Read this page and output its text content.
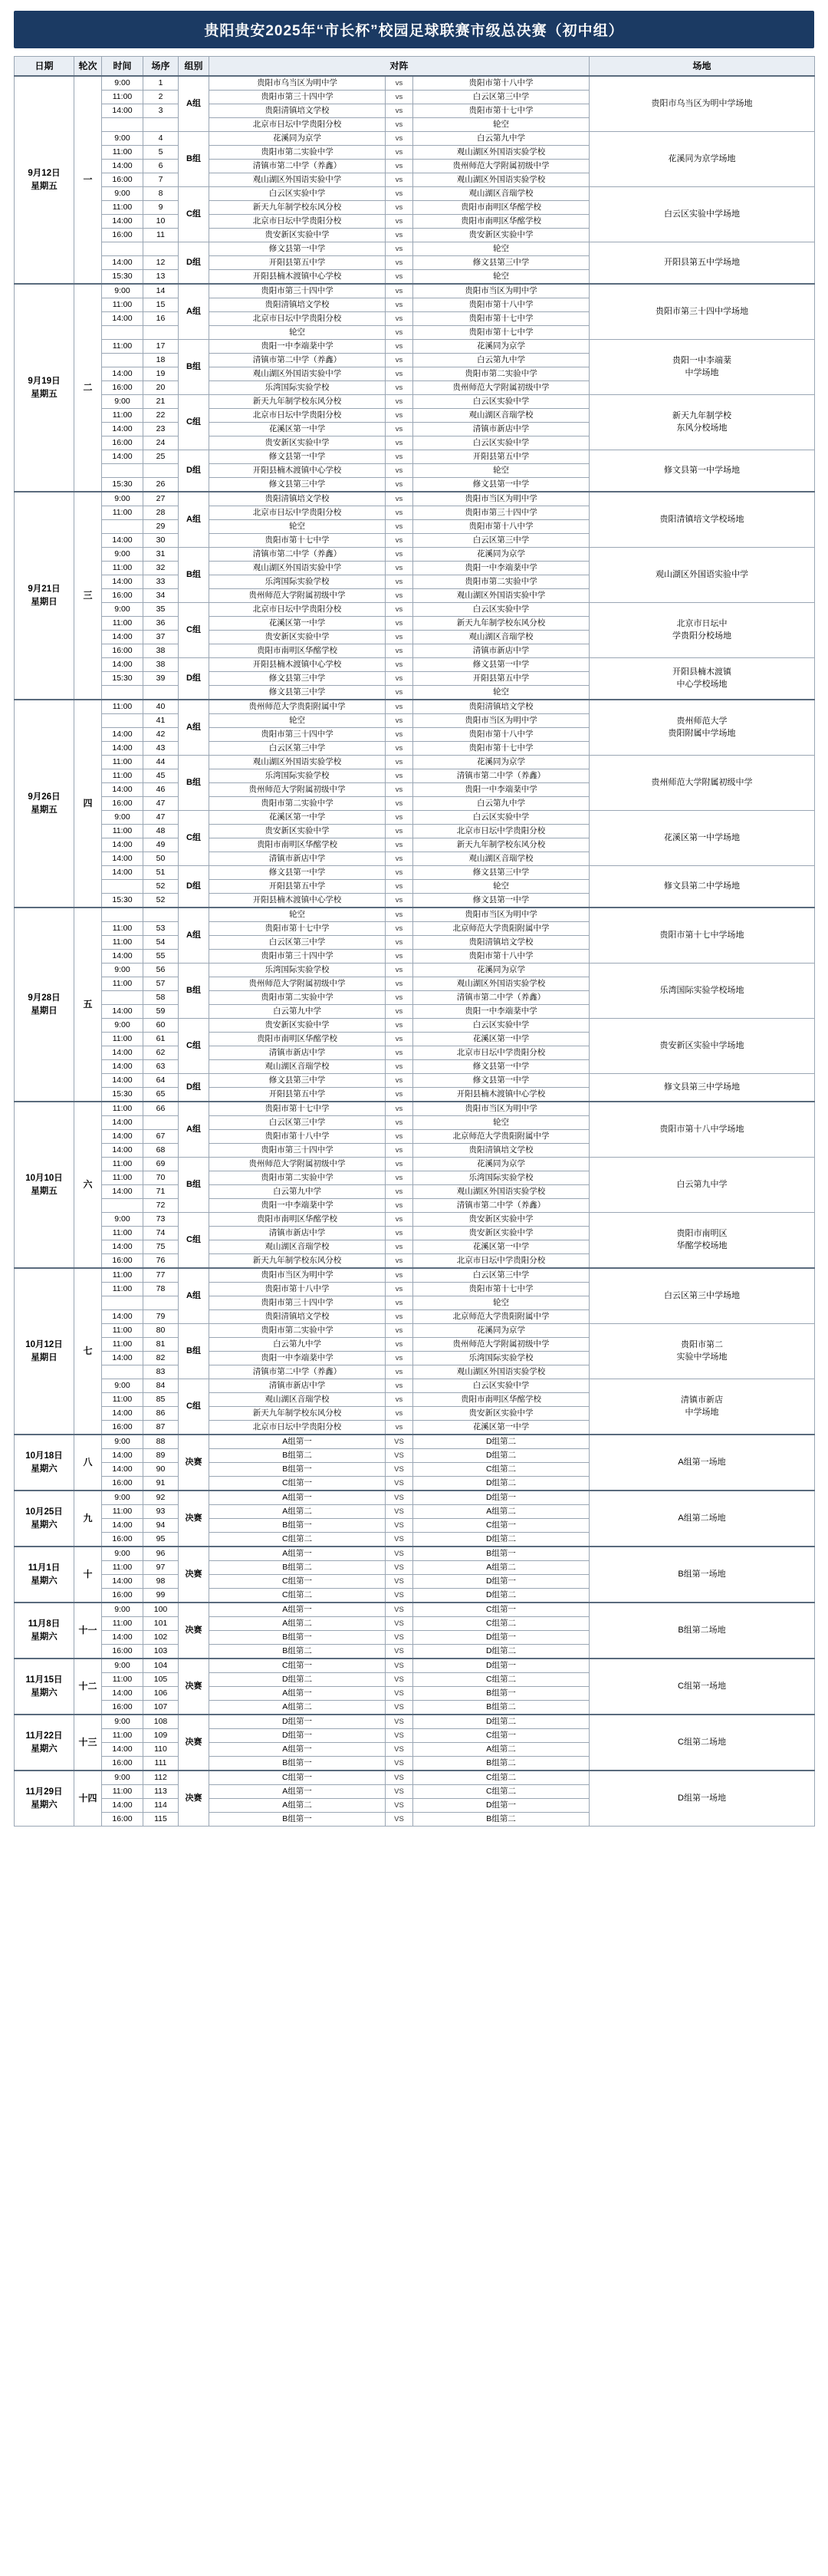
贵阳贵安2025年“市长杯”校园足球联赛市级总决赛（初中组）
日期	轮次	时间	场序	组别	对阵			场地
9月12日
星期五	一	9:00	1	A组	贵阳市乌当区为明中学	vs	贵阳市第十八中学	贵阳市乌当区为明中学场地
		11:00	2		贵阳市第三十四中学	vs	白云区第三中学	
		14:00	3		贵阳清镇培文学校	vs	贵阳市第十七中学	
					北京市日坛中学贵阳分校	vs	轮空	
		9:00	4	B组	花溪同为京学	vs	白云第九中学	花溪同为京学场地
		11:00	5		贵阳市第二实验中学	vs	观山湖区外国语实验学校	
		14:00	6		清镇市第二中学（养鑫）	vs	贵州师范大学附属初级中学	
		16:00	7		观山湖区外国语实验中学	vs	观山湖区外国语实验学校	
		9:00	8	C组	白云区实验中学	vs	观山湖区音瑞学校	白云区实验中学场地
		11:00	9		新天九年制学校东风分校	vs	贵阳市南明区华酩学校	
		14:00	10		北京市日坛中学贵阳分校	vs	贵阳市南明区华酩学校	
		16:00	11		贵安新区实验中学	vs	贵安新区实验中学	
				D组	修文县第一中学	vs	轮空	开阳县第五中学场地
		14:00	12		开阳县第五中学	vs	修文县第三中学	
		15:30	13		开阳县楠木渡镇中心学校	vs	轮空	
9月19日
星期五	二	9:00	14	A组	贵阳市第三十四中学	vs	贵阳市当区为明中学	贵阳市第三十四中学场地
		11:00	15		贵阳清镇培文学校	vs	贵阳市第十八中学	
		14:00	16		北京市日坛中学贵阳分校	vs	贵阳市第十七中学	
					轮空	vs	贵阳市第十七中学	
		11:00	17	B组	贵阳一中李端棻中学	vs	花溪同为京学	贵阳一中李端棻
中学场地
			18		清镇市第二中学（养鑫）	vs	白云第九中学	
		14:00	19		观山湖区外国语实验中学	vs	贵阳市第二实验中学	
		16:00	20		乐湾国际实验学校	vs	贵州师范大学附属初级中学	
		9:00	21	C组	新天九年制学校东风分校	vs	白云区实验中学	新天九年制学校
东风分校场地
		11:00	22		北京市日坛中学贵阳分校	vs	观山湖区音瑞学校	
		14:00	23		花溪区第一中学	vs	清镇市新店中学	
		16:00	24		贵安新区实验中学	vs	白云区实验中学	
		14:00	25	D组	修文县第一中学	vs	开阳县第五中学	修文县第一中学场地
					开阳县楠木渡镇中心学校	vs	轮空	
		15:30	26		修文县第三中学	vs	修文县第一中学	
9月21日
星期日	三	9:00	27	A组	贵阳清镇培文学校	vs	贵阳市当区为明中学	贵阳清镇培文学校场地
		11:00	28		北京市日坛中学贵阳分校	vs	贵阳市第三十四中学	
			29		轮空	vs	贵阳市第十八中学	
		14:00	30		贵阳市第十七中学	vs	白云区第三中学	
		9:00	31	B组	清镇市第二中学（养鑫）	vs	花溪同为京学	观山湖区外国语实验中学
		11:00	32		观山湖区外国语实验中学	vs	贵阳一中李端棻中学	
		14:00	33		乐湾国际实验学校	vs	贵阳市第二实验中学	
		16:00	34		贵州师范大学附属初级中学	vs	观山湖区外国语实验中学	
		9:00	35	C组	北京市日坛中学贵阳分校	vs	白云区实验中学	北京市日坛中
学贵阳分校场地
		11:00	36		花溪区第一中学	vs	新天九年制学校东风分校	
		14:00	37		贵安新区实验中学	vs	观山湖区音瑞学校	
		16:00	38		贵阳市南明区华酩学校	vs	清镇市新店中学	
		14:00	38	D组	开阳县楠木渡镇中心学校	vs	修文县第一中学	开阳县楠木渡镇
中心学校场地
		15:30	39		修文县第三中学	vs	开阳县第五中学	
					修文县第三中学	vs	轮空	
9月26日
星期五	四	11:00	40	A组	贵州师范大学贵阳附属中学	vs	贵阳清镇培文学校	贵州师范大学
贵阳附属中学场地
			41		轮空	vs	贵阳市当区为明中学	
		14:00	42		贵阳市第三十四中学	vs	贵阳市第十八中学	
		14:00	43		白云区第三中学	vs	贵阳市第十七中学	
		11:00	44	B组	观山湖区外国语实验学校	vs	花溪同为京学	贵州师范大学附属初级中学
		11:00	45		乐湾国际实验学校	vs	清镇市第二中学（养鑫）	
		14:00	46		贵州师范大学附属初级中学	vs	贵阳一中李端棻中学	
		16:00	47		贵阳市第二实验中学	vs	白云第九中学	
		9:00	47	C组	花溪区第一中学	vs	白云区实验中学	花溪区第一中学场地
		11:00	48		贵安新区实验中学	vs	北京市日坛中学贵阳分校	
		14:00	49		贵阳市南明区华酩学校	vs	新天九年制学校东风分校	
		14:00	50		清镇市新店中学	vs	观山湖区音瑞学校	
		14:00	51	D组	修文县第一中学	vs	修文县第三中学	修文县第二中学场地
			52		开阳县第五中学	vs	轮空	
		15:30	52		开阳县楠木渡镇中心学校	vs	修文县第一中学	
9月28日
星期日	五			A组	轮空	vs	贵阳市当区为明中学	贵阳市第十七中学场地
		11:00	53		贵阳市第十七中学	vs	北京师范大学贵阳附属中学	
		11:00	54		白云区第三中学	vs	贵阳清镇培文学校	
		14:00	55		贵阳市第三十四中学	vs	贵阳市第十八中学	
		9:00	56	B组	乐湾国际实验学校	vs	花溪同为京学	乐湾国际实验学校场地
		11:00	57		贵州师范大学附属初级中学	vs	观山湖区外国语实验学校	
			58		贵阳市第二实验中学	vs	清镇市第二中学（养鑫）	
		14:00	59		白云第九中学	vs	贵阳一中李端棻中学	
		9:00	60	C组	贵安新区实验中学	vs	白云区实验中学	贵安新区实验中学场地
		11:00	61		贵阳市南明区华酩学校	vs	花溪区第一中学	
		14:00	62		清镇市新店中学	vs	北京市日坛中学贵阳分校	
		14:00	63		观山湖区音瑞学校	vs	修文县第一中学	
		14:00	64	D组	修文县第三中学	vs	修文县第一中学	修文县第三中学场地
		15:30	65		开阳县第五中学	vs	开阳县楠木渡镇中心学校	
10月10日
星期五	六	11:00	66	A组	贵阳市第十七中学	vs	贵阳市当区为明中学	贵阳市第十八中学场地
		14:00			白云区第三中学	vs	轮空	
		14:00	67		贵阳市第十八中学	vs	北京师范大学贵阳附属中学	
		14:00	68		贵阳市第三十四中学	vs	贵阳清镇培文学校	
		11:00	69	B组	贵州师范大学附属初级中学	vs	花溪同为京学	白云第九中学
		11:00	70		贵阳市第二实验中学	vs	乐湾国际实验学校	
		14:00	71		白云第九中学	vs	观山湖区外国语实验学校	
			72		贵阳一中李端棻中学	vs	清镇市第二中学（养鑫）	
		9:00	73	C组	贵阳市南明区华酩学校	vs	贵安新区实验中学	贵阳市南明区
华酩学校场地
		11:00	74		清镇市新店中学	vs	贵安新区实验中学	
		14:00	75		观山湖区音瑞学校	vs	花溪区第一中学	
		16:00	76		新天九年制学校东风分校	vs	北京市日坛中学贵阳分校	
10月12日
星期日	七	11:00	77	A组	贵阳市当区为明中学	vs	白云区第三中学	白云区第三中学场地
		11:00	78		贵阳市第十八中学	vs	贵阳市第十七中学	
					贵阳市第三十四中学	vs	轮空	
		14:00	79		贵阳清镇培文学校	vs	北京师范大学贵阳附属中学	
		11:00	80	B组	贵阳市第二实验中学	vs	花溪同为京学	贵阳市第二
实验中学场地
		11:00	81		白云第九中学	vs	贵州师范大学附属初级中学	
		14:00	82		贵阳一中李端棻中学	vs	乐湾国际实验学校	
			83		清镇市第二中学（养鑫）	vs	观山湖区外国语实验学校	
		9:00	84	C组	清镇市新店中学	vs	白云区实验中学	清镇市新店
中学场地
		11:00	85		观山湖区音瑞学校	vs	贵阳市南明区华酩学校	
		14:00	86		新天九年制学校东风分校	vs	贵安新区实验中学	
		16:00	87		北京市日坛中学贵阳分校	vs	花溪区第一中学	
10月18日
星期六	八	9:00	88	决赛	A组第一	VS	D组第二	A组第一场地
		14:00	89		B组第二	VS	D组第二	
		14:00	90		B组第一	VS	C组第二	
		16:00	91		C组第一	VS	D组第二	
10月25日
星期六	九	9:00	92	决赛	A组第一	VS	D组第一	A组第二场地
		11:00	93		A组第二	VS	A组第二	
		14:00	94		B组第一	VS	C组第一	
		16:00	95		C组第二	VS	D组第二	
11月1日
星期六	十	9:00	96	决赛	A组第一	VS	B组第一	B组第一场地
		11:00	97		B组第二	VS	A组第二	
		14:00	98		C组第一	VS	D组第一	
		16:00	99		C组第二	VS	D组第二	
11月8日
星期六	十一	9:00	100	决赛	A组第一	VS	C组第一	B组第二场地
		11:00	101		A组第二	VS	C组第二	
		14:00	102		B组第一	VS	D组第一	
		16:00	103		B组第二	VS	D组第二	
11月15日
星期六	十二	9:00	104	决赛	C组第一	VS	D组第一	C组第一场地
		11:00	105		D组第二	VS	C组第二	
		14:00	106		A组第一	VS	B组第一	
		16:00	107		A组第二	VS	B组第二	
11月22日
星期六	十三	9:00	108	决赛	D组第一	VS	D组第二	C组第二场地
		11:00	109		D组第一	VS	C组第一	
		14:00	110		A组第一	VS	A组第二	
		16:00	111		B组第一	VS	B组第二	
11月29日
星期六	十四	9:00	112	决赛	C组第一	VS	C组第二	D组第一场地
		11:00	113		A组第一	VS	C组第二	
		14:00	114		A组第二	VS	D组第一	
		16:00	115		B组第一	VS	B组第二	
